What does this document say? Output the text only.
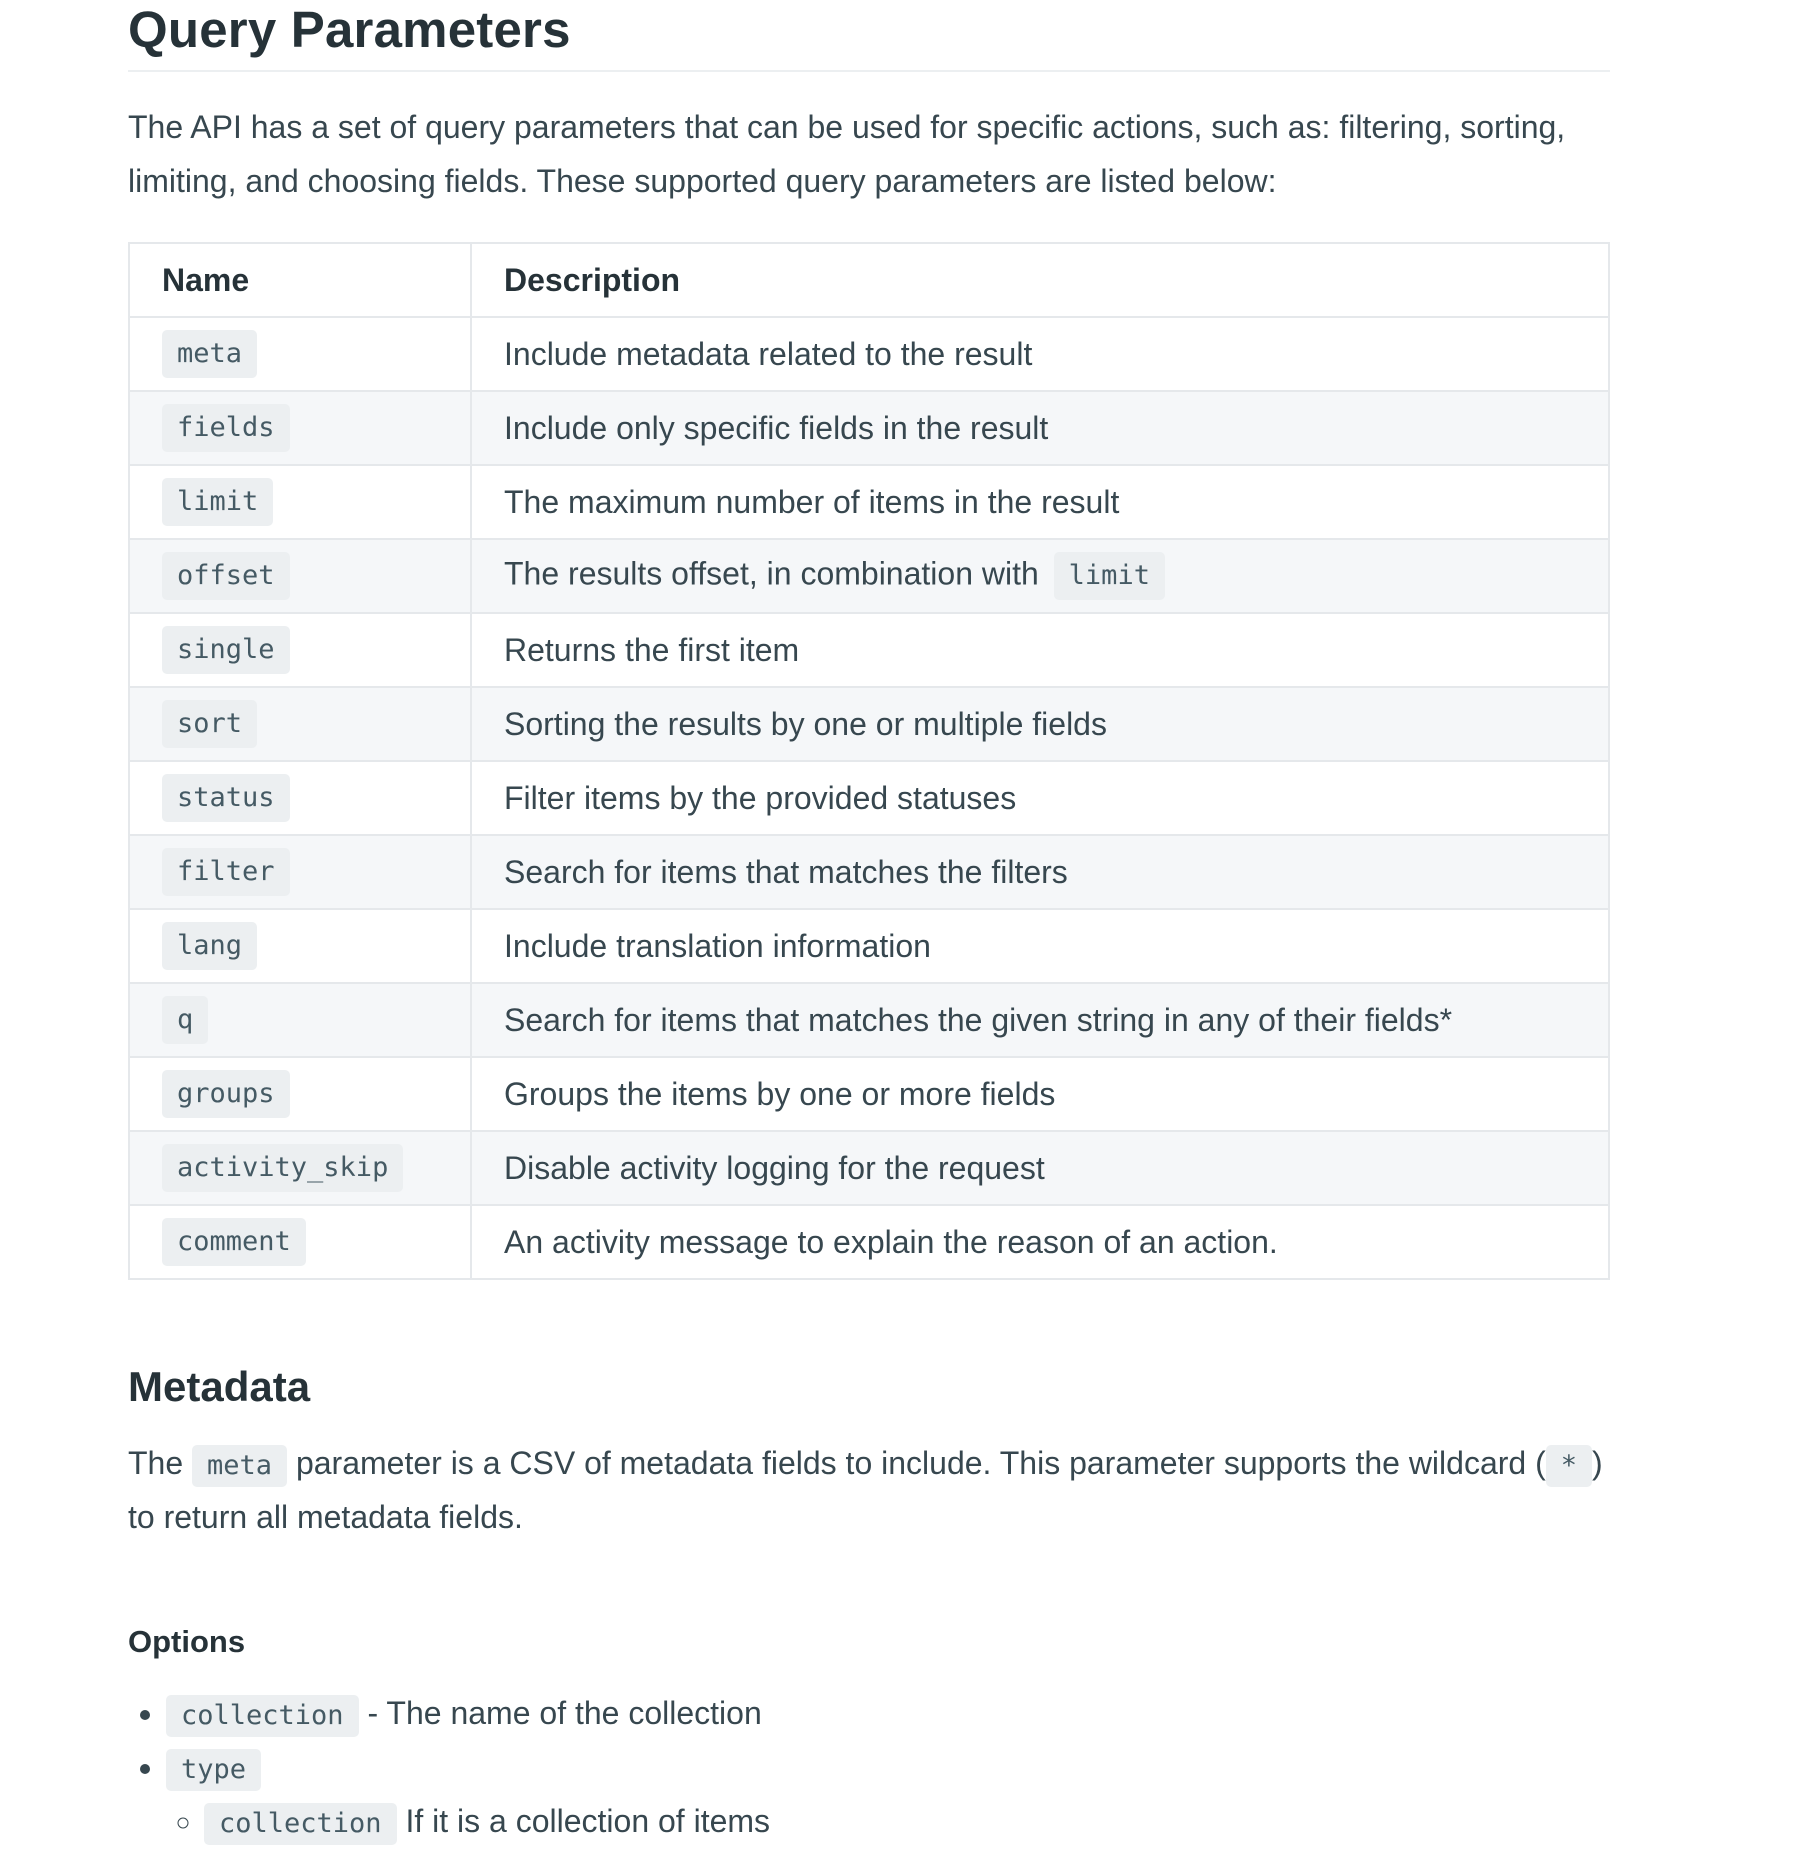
Query Parameters

The API has a set of query parameters that can be used for specific actions, such as: filtering, sorting, limiting, and choosing fields. These supported query parameters are listed below:

Name	Description
meta	Include metadata related to the result
fields	Include only specific fields in the result
limit	The maximum number of items in the result
offset	The results offset, in combination with limit
single	Returns the first item
sort	Sorting the results by one or multiple fields
status	Filter items by the provided statuses
filter	Search for items that matches the filters
lang	Include translation information
q	Search for items that matches the given string in any of their fields*
groups	Groups the items by one or more fields
activity_skip	Disable activity logging for the request
comment	An activity message to explain the reason of an action.
Metadata

The meta parameter is a CSV of metadata fields to include. This parameter supports the wildcard ( * ) to return all metadata fields.

Options
• collection - The name of the collection
• type
◦ collection If it is a collection of items
